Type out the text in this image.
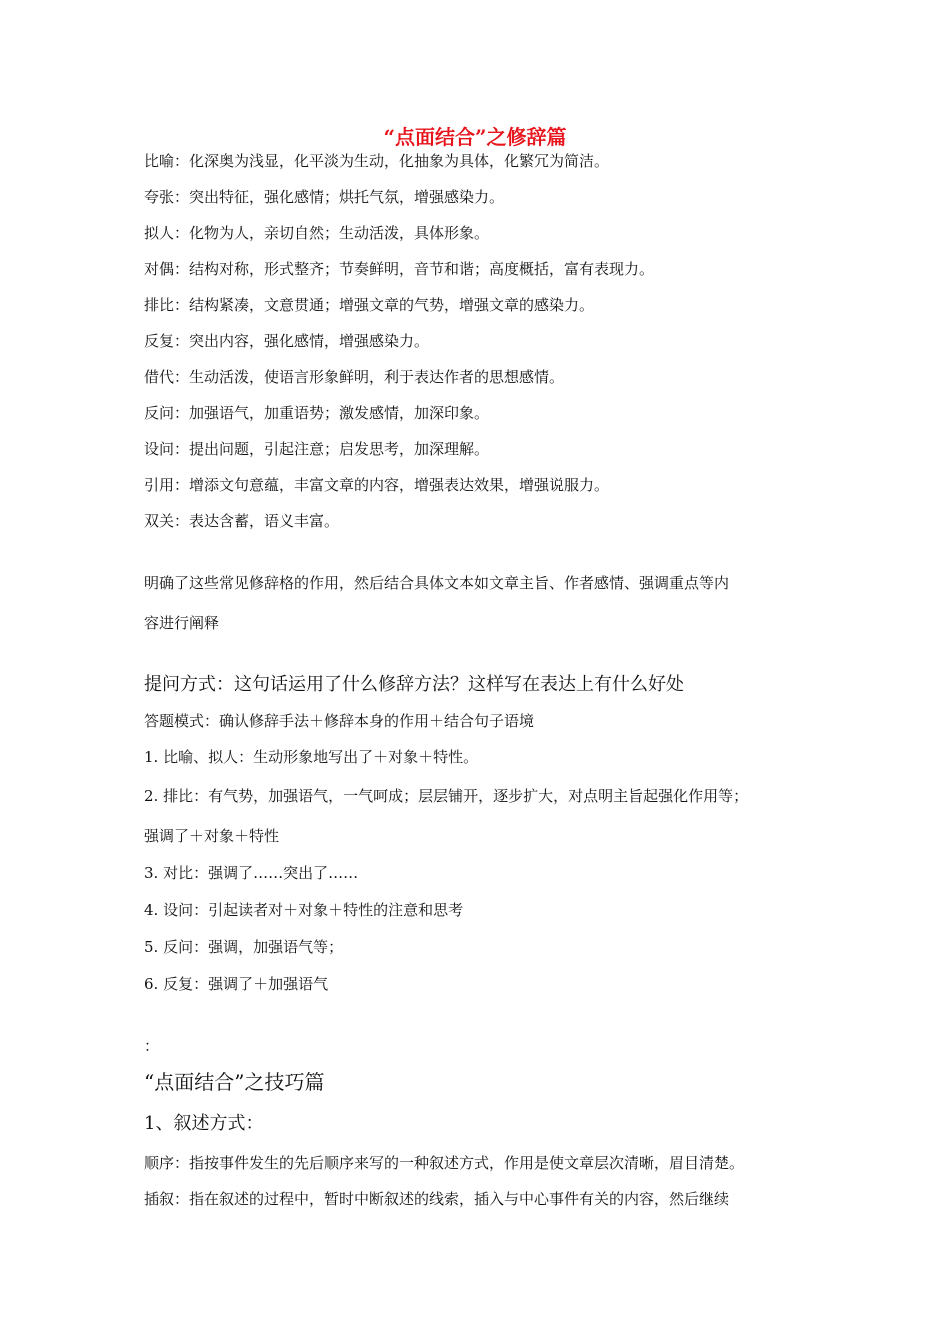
“点面结合”之修辞篇
比喻：化深奥为浅显，化平淡为生动，化抽象为具体，化繁冗为简洁。
夸张：突出特征，强化感情；烘托气氛，增强感染力。
拟人：化物为人，亲切自然；生动活泼，具体形象。
对偶：结构对称，形式整齐；节奏鲜明，音节和谐；高度概括，富有表现力。
排比：结构紧凑，文意贯通；增强文章的气势，增强文章的感染力。
反复：突出内容，强化感情，增强感染力。
借代：生动活泼，使语言形象鲜明，利于表达作者的思想感情。
反问：加强语气，加重语势；激发感情，加深印象。
设问：提出问题，引起注意；启发思考，加深理解。
引用：增添文句意蕴，丰富文章的内容，增强表达效果，增强说服力。
双关：表达含蓄，语义丰富。
明确了这些常见修辞格的作用，然后结合具体文本如文章主旨、作者感情、强调重点等内
容进行阐释
提问方式：这句话运用了什么修辞方法？这样写在表达上有什么好处
答题模式：确认修辞手法＋修辞本身的作用＋结合句子语境
1. 比喻、拟人：生动形象地写出了＋对象＋特性。
2. 排比：有气势，加强语气，一气呵成；层层铺开，逐步扩大，对点明主旨起强化作用等；
强调了＋对象＋特性
3. 对比：强调了……突出了……
4. 设问：引起读者对＋对象＋特性的注意和思考
5. 反问：强调，加强语气等；
6. 反复：强调了＋加强语气
：
“点面结合”之技巧篇
1、叙述方式：
顺序：指按事件发生的先后顺序来写的一种叙述方式，作用是使文章层次清晰，眉目清楚。
插叙：指在叙述的过程中，暂时中断叙述的线索，插入与中心事件有关的内容，然后继续
